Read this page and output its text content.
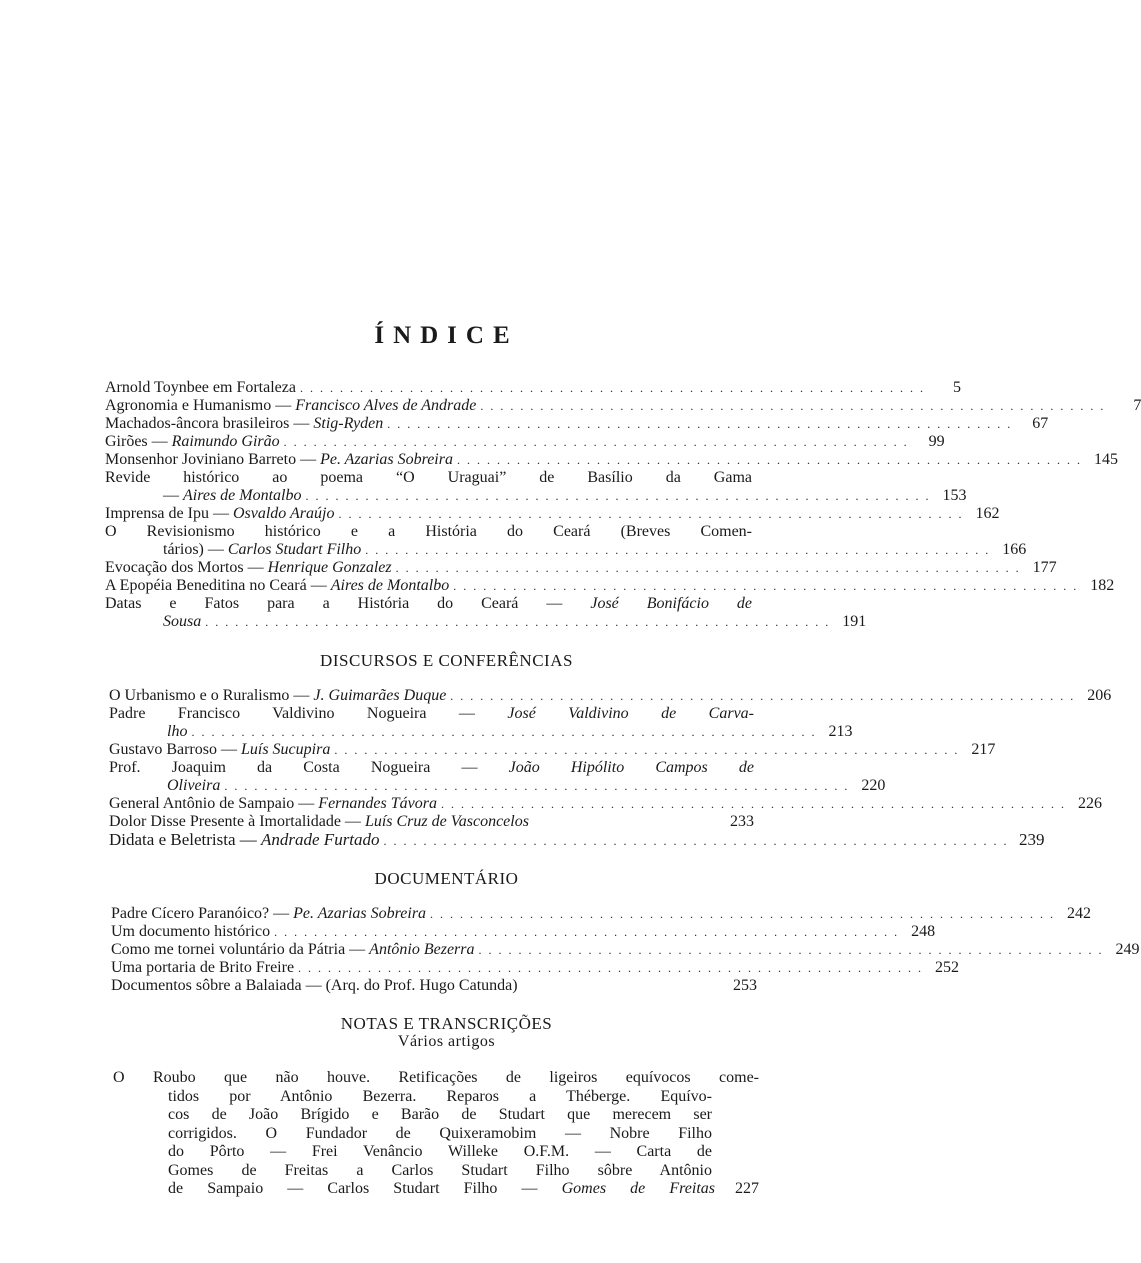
ÍNDICE
Arnold Toynbee em Fortaleza . . . . . . . . . . . . . . . . . . . . . . . . . . . . . . . . . . . . . . . . . . . . . . . . . . . . . . . . . . . . . . .	5
Agronomia e Humanismo — Francisco Alves de Andrade . . . . . . . . . . . . . . . . . . . . . . . . . . . . . . . . . . . . . . . . . . . . . . . . . . . . . . . . . . . . . . .	7
Machados-âncora brasileiros — Stig-Ryden . . . . . . . . . . . . . . . . . . . . . . . . . . . . . . . . . . . . . . . . . . . . . . . . . . . . . . . . . . . . . . .	67
Girões — Raimundo Girão . . . . . . . . . . . . . . . . . . . . . . . . . . . . . . . . . . . . . . . . . . . . . . . . . . . . . . . . . . . . . . .	99
Monsenhor Joviniano Barreto — Pe. Azarias Sobreira . . . . . . . . . . . . . . . . . . . . . . . . . . . . . . . . . . . . . . . . . . . . . . . . . . . . . . . . . . . . . . . 145
Revide histórico ao poema “O Uraguai” de Basílio da Gama
— Aires de Montalbo . . . . . . . . . . . . . . . . . . . . . . . . . . . . . . . . . . . . . . . . . . . . . . . . . . . . . . . . . . . . . . . 153
Imprensa de Ipu — Osvaldo Araújo . . . . . . . . . . . . . . . . . . . . . . . . . . . . . . . . . . . . . . . . . . . . . . . . . . . . . . . . . . . . . . . 162
O Revisionismo histórico e a História do Ceará (Breves Comen-
tários) — Carlos Studart Filho . . . . . . . . . . . . . . . . . . . . . . . . . . . . . . . . . . . . . . . . . . . . . . . . . . . . . . . . . . . . . . . 166
Evocação dos Mortos — Henrique Gonzalez . . . . . . . . . . . . . . . . . . . . . . . . . . . . . . . . . . . . . . . . . . . . . . . . . . . . . . . . . . . . . . . 177
A Epopéia Beneditina no Ceará — Aires de Montalbo . . . . . . . . . . . . . . . . . . . . . . . . . . . . . . . . . . . . . . . . . . . . . . . . . . . . . . . . . . . . . . . 182
Datas e Fatos para a História do Ceará — José Bonifácio de
Sousa . . . . . . . . . . . . . . . . . . . . . . . . . . . . . . . . . . . . . . . . . . . . . . . . . . . . . . . . . . . . . . . 191
DISCURSOS E CONFERÊNCIAS
O Urbanismo e o Ruralismo — J. Guimarães Duque . . . . . . . . . . . . . . . . . . . . . . . . . . . . . . . . . . . . . . . . . . . . . . . . . . . . . . . . . . . . . . . 206
Padre Francisco Valdivino Nogueira — José Valdivino de Carva-
lho . . . . . . . . . . . . . . . . . . . . . . . . . . . . . . . . . . . . . . . . . . . . . . . . . . . . . . . . . . . . . . . 213
Gustavo Barroso — Luís Sucupira . . . . . . . . . . . . . . . . . . . . . . . . . . . . . . . . . . . . . . . . . . . . . . . . . . . . . . . . . . . . . . . 217
Prof. Joaquim da Costa Nogueira — João Hipólito Campos de
Oliveira . . . . . . . . . . . . . . . . . . . . . . . . . . . . . . . . . . . . . . . . . . . . . . . . . . . . . . . . . . . . . . . 220
General Antônio de Sampaio — Fernandes Távora . . . . . . . . . . . . . . . . . . . . . . . . . . . . . . . . . . . . . . . . . . . . . . . . . . . . . . . . . . . . . . . 226
Dolor Disse Presente à Imortalidade — Luís Cruz de Vasconcelos	233
Didata e Beletrista — Andrade Furtado . . . . . . . . . . . . . . . . . . . . . . . . . . . . . . . . . . . . . . . . . . . . . . . . . . . . . . . . . . . . . . . 239
DOCUMENTÁRIO
Padre Cícero Paranóico? — Pe. Azarias Sobreira . . . . . . . . . . . . . . . . . . . . . . . . . . . . . . . . . . . . . . . . . . . . . . . . . . . . . . . . . . . . . . . 242
Um documento histórico . . . . . . . . . . . . . . . . . . . . . . . . . . . . . . . . . . . . . . . . . . . . . . . . . . . . . . . . . . . . . . . 248
Como me tornei voluntário da Pátria — Antônio Bezerra . . . . . . . . . . . . . . . . . . . . . . . . . . . . . . . . . . . . . . . . . . . . . . . . . . . . . . . . . . . . . . . 249
Uma portaria de Brito Freire . . . . . . . . . . . . . . . . . . . . . . . . . . . . . . . . . . . . . . . . . . . . . . . . . . . . . . . . . . . . . . . 252
Documentos sôbre a Balaiada — (Arq. do Prof. Hugo Catunda)	253
NOTAS E TRANSCRIÇÕES
Vários artigos
O Roubo que não houve. Retificações de ligeiros equívocos come-
tidos por Antônio Bezerra. Reparos a Théberge. Equívo-
cos de João Brígido e Barão de Studart que merecem ser
corrigidos. O Fundador de Quixeramobim — Nobre Filho
do Pôrto — Frei Venâncio Willeke O.F.M. — Carta de
Gomes de Freitas a Carlos Studart Filho sôbre Antônio
de Sampaio — Carlos Studart Filho — Gomes de Freitas	227
